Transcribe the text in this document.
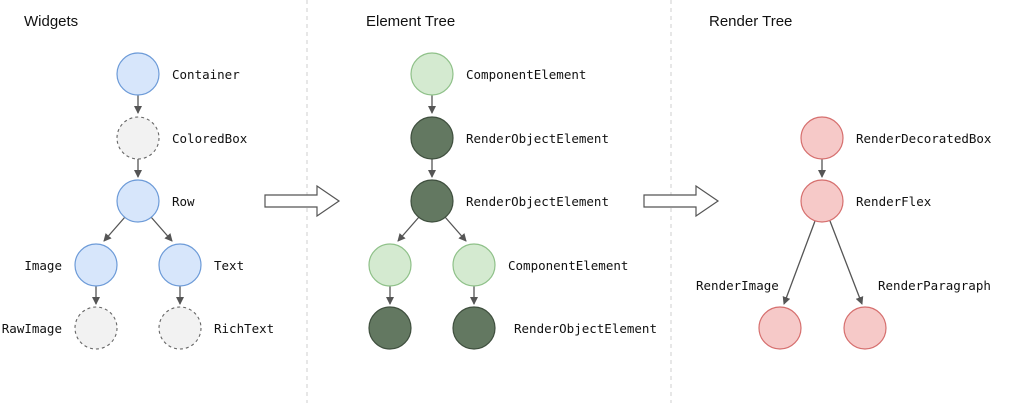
Widgets	Element Tree	Render Tree
Container
ColoredBox
Row
Image	Text
RawImage	RichText
ComponentElement
RenderObjectElement
RenderObjectElement
ComponentElement
RenderObjectElement
RenderDecoratedBox
RenderFlex
RenderImage	RenderParagraph
